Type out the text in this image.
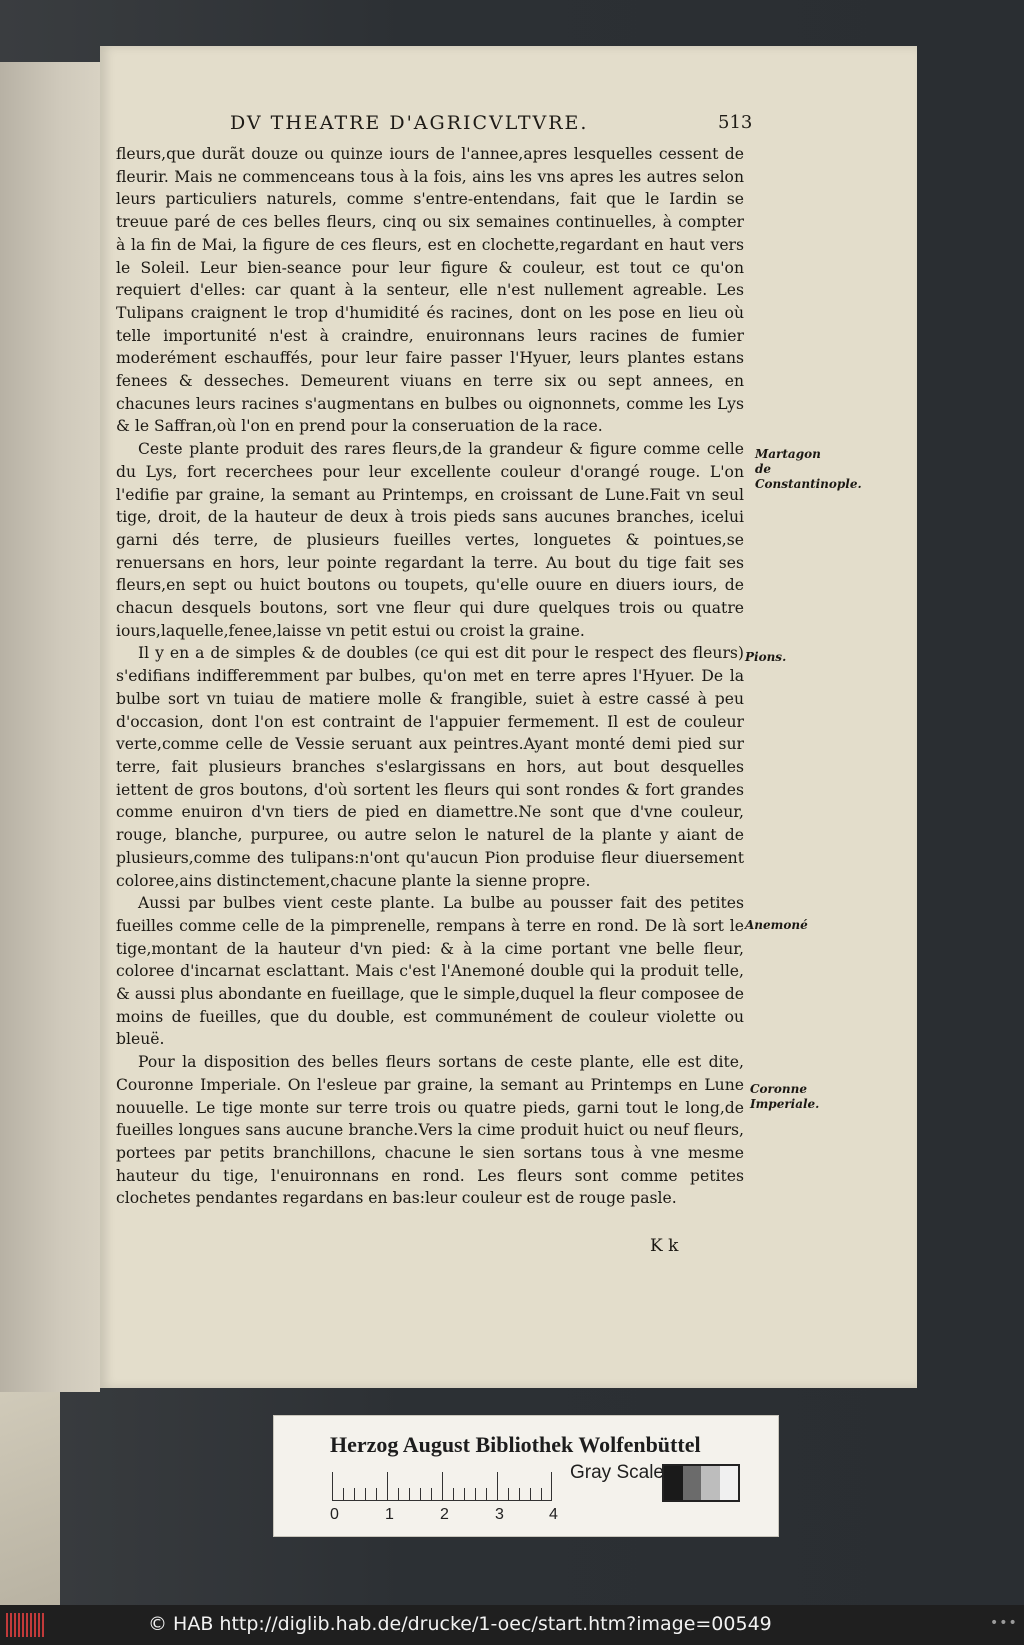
DV THEATRE D'AGRICVLTVRE.	513

fleurs,que durãt douze ou quinze iours de l'annee,apres lesquelles cessent de fleurir. Mais ne commenceans tous à la fois, ains les vns apres les autres selon leurs particuliers naturels, comme s'entre-entendans, fait que le Iardin se treuue paré de ces belles fleurs, cinq ou six semaines continuelles, à compter à la fin de Mai, la figure de ces fleurs, est en clochette,regardant en haut vers le Soleil. Leur bien-seance pour leur figure & couleur, est tout ce qu'on requiert d'elles: car quant à la senteur, elle n'est nullement agreable. Les Tulipans craignent le trop d'humidité és racines, dont on les pose en lieu où telle importunité n'est à craindre, enuironnans leurs racines de fumier moderément eschauffés, pour leur faire passer l'Hyuer, leurs plantes estans fenees & desseches. Demeurent viuans en terre six ou sept annees, en chacunes leurs racines s'augmentans en bulbes ou oignonnets, comme les Lys & le Saffran,où l'on en prend pour la conseruation de la race.

Ceste plante produit des rares fleurs,de la grandeur & figure comme celle du Lys, fort recerchees pour leur excellente couleur d'orangé rouge. L'on l'edifie par graine, la semant au Printemps, en croissant de Lune.Fait vn seul tige, droit, de la hauteur de deux à trois pieds sans aucunes branches, icelui garni dés terre, de plusieurs fueilles vertes, longuetes & pointues,se renuersans en hors, leur pointe regardant la terre. Au bout du tige fait ses fleurs,en sept ou huict boutons ou toupets, qu'elle ouure en diuers iours, de chacun desquels boutons, sort vne fleur qui dure quelques trois ou quatre iours,laquelle,fenee,laisse vn petit estui ou croist la graine.

Il y en a de simples & de doubles (ce qui est dit pour le respect des fleurs) s'edifians indifferemment par bulbes, qu'on met en terre apres l'Hyuer. De la bulbe sort vn tuiau de matiere molle & frangible, suiet à estre cassé à peu d'occasion, dont l'on est contraint de l'appuier fermement. Il est de couleur verte,comme celle de Vessie seruant aux peintres.Ayant monté demi pied sur terre, fait plusieurs branches s'eslargissans en hors, aut bout desquelles iettent de gros boutons, d'où sortent les fleurs qui sont rondes & fort grandes comme enuiron d'vn tiers de pied en diamettre.Ne sont que d'vne couleur, rouge, blanche, purpuree, ou autre selon le naturel de la plante y aiant de plusieurs,comme des tulipans:n'ont qu'aucun Pion produise fleur diuersement coloree,ains distinctement,chacune plante la sienne propre.

Aussi par bulbes vient ceste plante. La bulbe au pousser fait des petites fueilles comme celle de la pimprenelle, rempans à terre en rond. De là sort le tige,montant de la hauteur d'vn pied: & à la cime portant vne belle fleur, coloree d'incarnat esclattant. Mais c'est l'Anemoné double qui la produit telle, & aussi plus abondante en fueillage, que le simple,duquel la fleur composee de moins de fueilles, que du double, est communément de couleur violette ou bleuë.

Pour la disposition des belles fleurs sortans de ceste plante, elle est dite, Couronne Imperiale. On l'esleue par graine, la semant au Printemps en Lune nouuelle. Le tige monte sur terre trois ou quatre pieds, garni tout le long,de fueilles longues sans aucune branche.Vers la cime produit huict ou neuf fleurs, portees par petits branchillons, chacune le sien sortans tous à vne mesme hauteur du tige, l'enuironnans en rond. Les fleurs sont comme petites clochetes pendantes regardans en bas:leur couleur est de rouge pasle.

Martagon de Constantinople.
Pions.
Anemoné
Coronne Imperiale.
K k
Herzog August Bibliothek Wolfenbüttel
0	1	2	3	4
Gray Scale
© HAB http://diglib.hab.de/drucke/1-oec/start.htm?image=00549	•••
